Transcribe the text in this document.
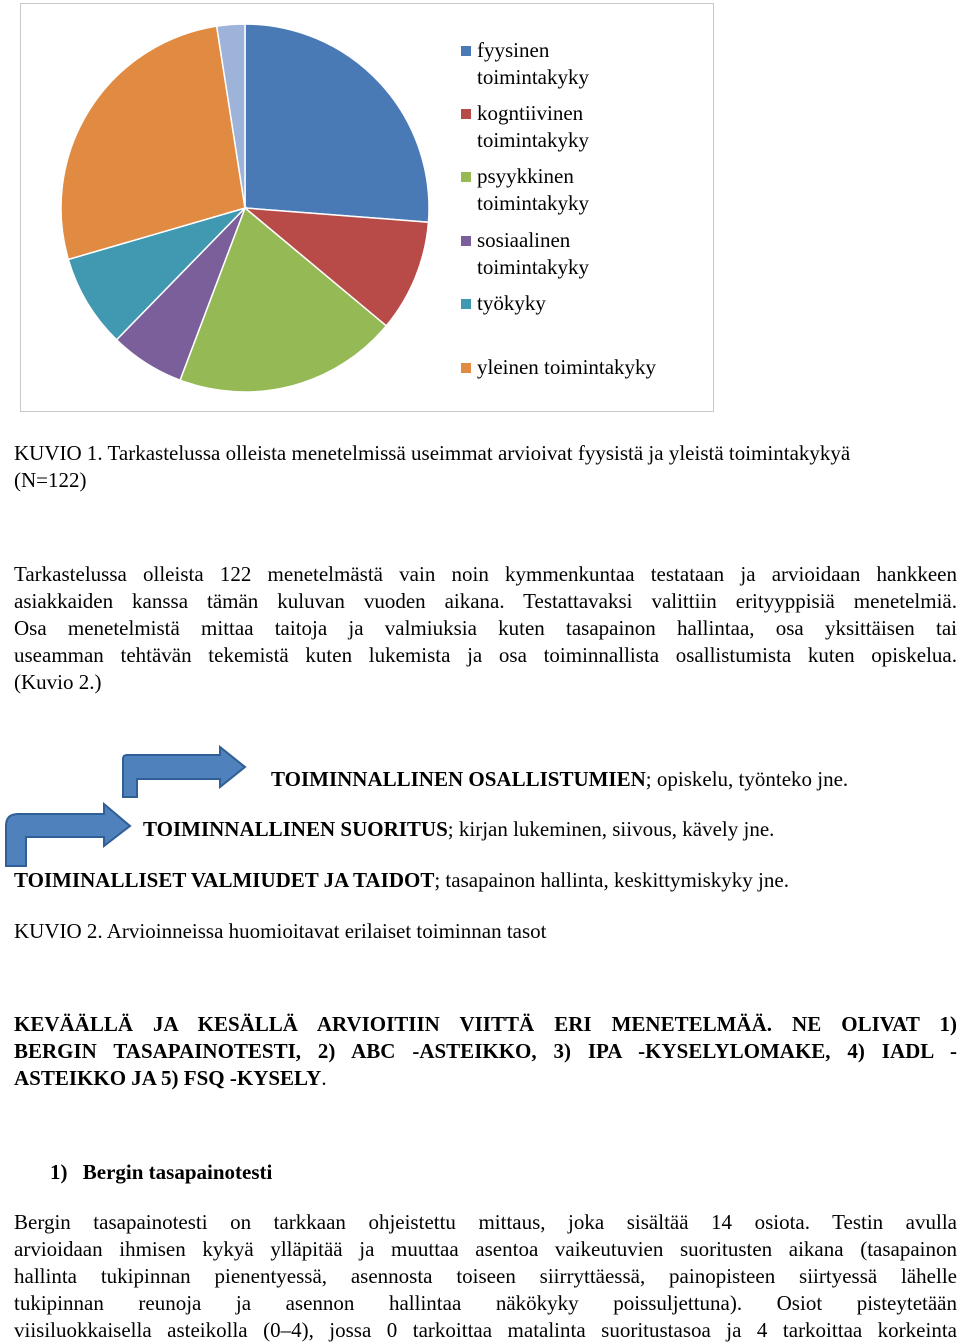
fyysinen
toimintakyky
kogntiivinen
toimintakyky
psyykkinen
toimintakyky
sosiaalinen
toimintakyky
työkyky
yleinen toimintakyky
KUVIO 1. Tarkastelussa olleista menetelmissä useimmat arvioivat fyysistä ja yleistä toimintakykyä
(N=122)
Tarkastelussa olleista 122 menetelmästä vain noin kymmenkuntaa testataan ja arvioidaan hankkeen
asiakkaiden kanssa tämän kuluvan vuoden aikana. Testattavaksi valittiin erityyppisiä menetelmiä.
Osa menetelmistä mittaa taitoja ja valmiuksia kuten tasapainon hallintaa, osa yksittäisen tai
useamman tehtävän tekemistä kuten lukemista ja osa toiminnallista osallistumista kuten opiskelua.
(Kuvio 2.)
TOIMINNALLINEN OSALLISTUMIEN; opiskelu, työnteko jne.
TOIMINNALLINEN SUORITUS; kirjan lukeminen, siivous, kävely jne.
TOIMINALLISET VALMIUDET JA TAIDOT; tasapainon hallinta, keskittymiskyky jne.
KUVIO 2. Arvioinneissa huomioitavat erilaiset toiminnan tasot
KEVÄÄLLÄ JA KESÄLLÄ ARVIOITIIN VIITTÄ ERI MENETELMÄÄ. NE OLIVAT 1)
BERGIN TASAPAINOTESTI, 2) ABC -ASTEIKKO, 3) IPA -KYSELYLOMAKE, 4) IADL -
ASTEIKKO JA 5) FSQ -KYSELY.
1) Bergin tasapainotesti
Bergin tasapainotesti on tarkkaan ohjeistettu mittaus, joka sisältää 14 osiota. Testin avulla
arvioidaan ihmisen kykyä ylläpitää ja muuttaa asentoa vaikeutuvien suoritusten aikana (tasapainon
hallinta tukipinnan pienentyessä, asennosta toiseen siirryttäessä, painopisteen siirtyessä lähelle
tukipinnan reunoja ja asennon hallintaa näkökyky poissuljettuna). Osiot pisteytetään
viisiluokkaisella asteikolla (0–4), jossa 0 tarkoittaa matalinta suoritustasoa ja 4 tarkoittaa korkeinta
